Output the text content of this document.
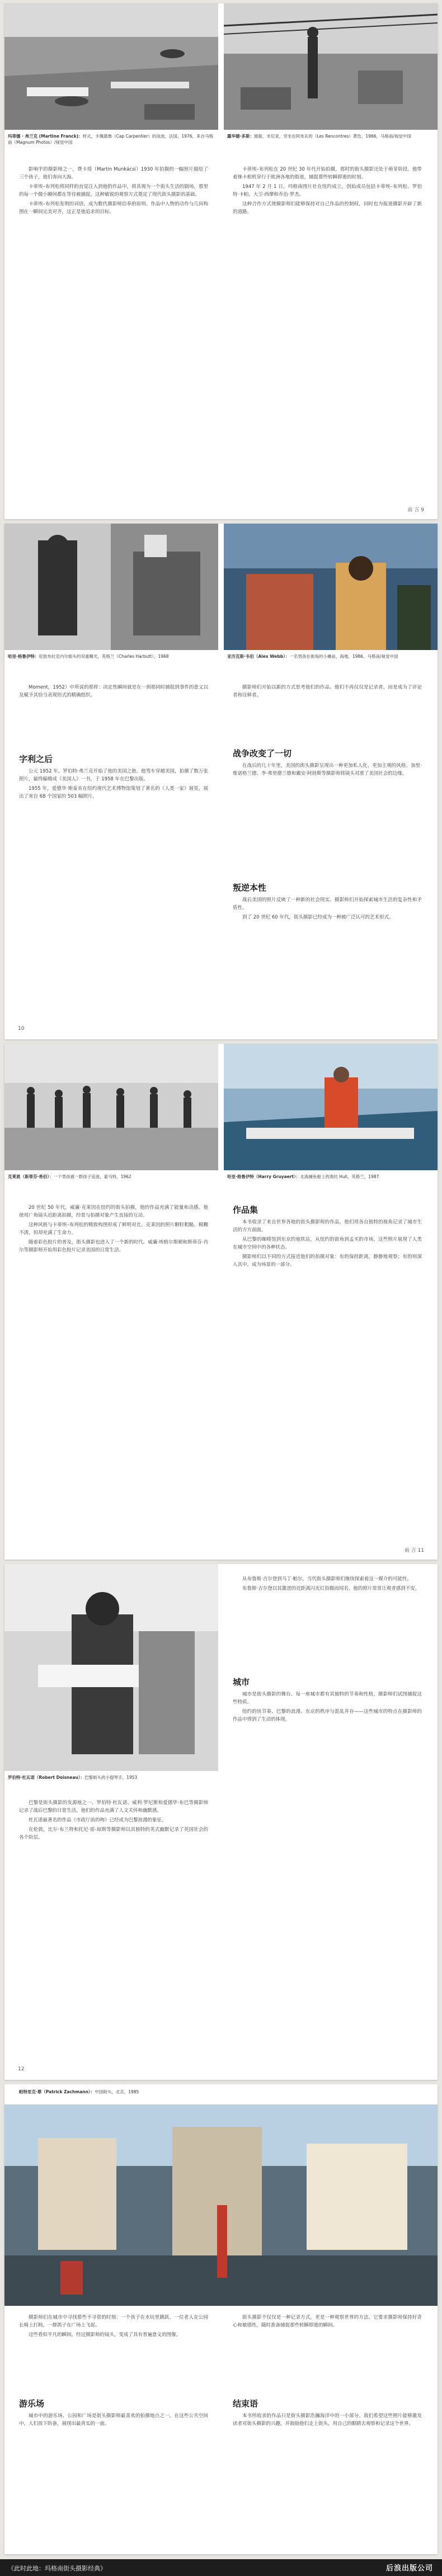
玛蒂娜 · 弗兰克 (Martine Franck)：样式，卡佩德鲁（Cap Carpentier）的泳池，法国，1976，来自马格南（Magnum Photos）/视觉中国
露华德·多斯：渡船，米尼亚，穷坐在阿布瓦的（Les Rencontres）黄色，1966，马格南/视觉中国

影响半的摄影师之一，费卡塔（Martin Munkácsi）1930 年拍摄的一幅照片描绘了三个孩子，他们奔向大海。

卡蒂埃–布列松将同样的直觉注入到他的作品中，将其视为一个街头生活的剧场，那里的每一个微小瞬间都在等待被捕捉。这种敏锐的观察方式奠定了现代街头摄影的基础。

卡蒂埃–布列松发明的词语，成为数代摄影师信奉的原则。作品中人物的动作与几何构图在一瞬间完美对齐，这正是他追求的目标。

卡蒂埃–布列松在 20 世纪 30 年代开始拍摄，那时的街头摄影还处于萌芽阶段。他带着徕卡相机穿行于欧洲各地的街道，捕捉那些转瞬即逝的时刻。

1947 年 2 月 1 日，玛格南图片社在纽约成立，创始成员包括卡蒂埃–布列松、罗伯特·卡帕、大卫·西摩和乔治·罗杰。

这种合作方式使摄影师们能够保持对自己作品的控制权，同时也为报道摄影开辟了新的道路。

前 言 9
哈里·格鲁伊特：伦敦布拉克内尔街头的双重曝光，英格兰（Charles Harbutt），1968	亚历克斯·韦伯（Alex Webb）：一名男孩在街角的小摊前，海地，1986，马格南/视觉中国

Moment，1952）中所说的那样：决定性瞬间就是在一刹那同时捕捉到事件的意义以及赋予其恰当表现形式的精确组织。

字利之后

公元 1952 年，罗伯特·弗兰克开始了他的美国之旅。他驾车穿越美国，拍摄了数万张照片，最终编辑成《美国人》一书，于 1958 年在巴黎出版。

1955 年，爱德华·斯泰肯在纽约现代艺术博物馆策划了著名的《人类一家》展览，展出了来自 68 个国家的 503 幅照片。

摄影师们开始以新的方式思考他们的作品。他们不再仅仅是记录者，而是成为了评论者和诠释者。

战争改变了一切

在战后的几十年里，美国的街头摄影呈现出一种更加私人化、更加主观的风格。加里·维诺格兰德、李·弗里德兰德和戴安·阿勃斯等摄影师将镜头对准了美国社会的边缘。

叛逆本性

战后美国的照片反映了一种新的社会现实。摄影师们开始探索城市生活的复杂性和矛盾性。

到了 20 世纪 60 年代，街头摄影已经成为一种被广泛认可的艺术形式。

10
克莱恩（斯蒂芬·希伯）：一个男孩被一群孩子追逐，蒙马特，1962	哈里·格鲁伊特（Harry Gruyaert）：北海捕鱼船上的渔民 Hull，英格兰，1987

20 世纪 50 年代，威廉·克莱因在纽约的街头拍摄，他的作品充满了能量和动感。他使用广角镜头近距离拍摄，经常与拍摄对象产生直接的互动。

这种风格与卡蒂埃–布列松的精致构图形成了鲜明对比。克莱因的照片颗粒粗糙、模糊不清，但却充满了生命力。

随着彩色胶片的普及，街头摄影也进入了一个新的时代。威廉·埃格尔斯顿和斯蒂芬·肖尔等摄影师开始用彩色胶片记录美国的日常生活。

作品集

本书收录了来自世界各地的街头摄影师的作品，他们用各自独特的视角记录了城市生活的方方面面。

从巴黎的咖啡馆到东京的地铁站，从纽约的街角到孟买的市场，这些照片展现了人类在城市空间中的各种状态。

摄影师们以不同的方式接近他们的拍摄对象：有的保持距离，静静地观察；有的则深入其中，成为场景的一部分。

前 言 11
罗伯特·杜瓦诺（Robert Doisneau）：巴黎街头的小提琴手，1953

巴黎是街头摄影的发源地之一。罗伯特·杜瓦诺、威利·罗尼斯和爱德华·布巴等摄影师记录了战后巴黎的日常生活，他们的作品充满了人文关怀和幽默感。

杜瓦诺最著名的作品《市政厅前的吻》已经成为巴黎浪漫的象征。

在伦敦，比尔·布兰特和托尼·雷-琼斯等摄影师以其独特的英式幽默记录了英国社会的各个阶层。

从布鲁斯·吉尔登到马丁·帕尔，当代街头摄影师们继续探索着这一媒介的可能性。

布鲁斯·吉尔登以其激进的近距离闪光灯拍摄而闻名，他的照片常常让观者感到不安。

城市

城市是街头摄影的舞台。每一座城市都有其独特的节奏和性格，摄影师们试图捕捉这些特质。

纽约的快节奏、巴黎的浪漫、东京的秩序与混乱并存——这些城市的特点在摄影师的作品中得到了生动的体现。

12
帕特里克·蔡（Patrick Zachmann）：中国街头，北京，1985

摄影师们在城市中寻找那些不寻常的时刻：一个孩子在水坑里跳跃，一位老人在公园长椅上打盹，一群鸽子在广场上飞起。

这些看似平凡的瞬间，经过摄影师的镜头，变成了具有普遍意义的图像。

游乐场

城市中的游乐场、公园和广场是街头摄影师最喜欢的拍摄地点之一。在这些公共空间中，人们放下防备，展现出最真实的一面。

街头摄影不仅仅是一种记录方式，更是一种观察世界的方法。它要求摄影师保持好奇心和敏感性，随时准备捕捉那些转瞬即逝的瞬间。

结束语

本书所收录的作品只是街头摄影浩瀚海洋中的一小部分。我们希望这些照片能够激发读者对街头摄影的兴趣，并鼓励他们走上街头，用自己的眼睛去观察和记录这个世界。

《此时此地：玛格南街头摄影经典》	后浪出版公司
